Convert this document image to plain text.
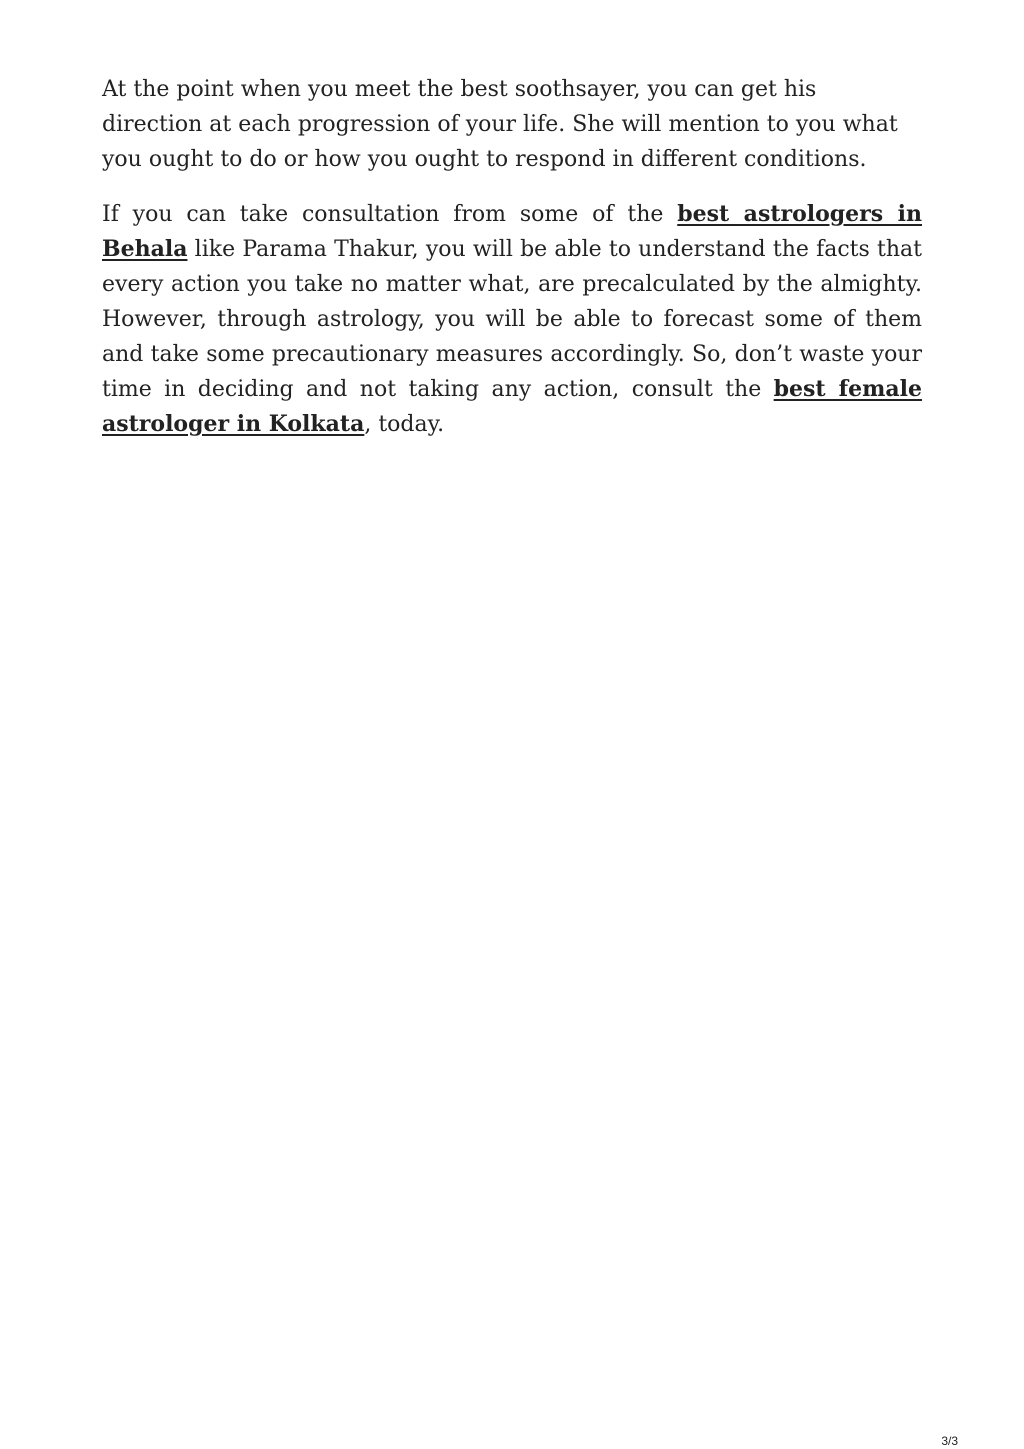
At the point when you meet the best soothsayer, you can get his direction at each progression of your life. She will mention to you what you ought to do or how you ought to respond in different conditions.

If you can take consultation from some of the best astrologers in Behala like Parama Thakur, you will be able to understand the facts that every action you take no matter what, are precalculated by the almighty. However, through astrology, you will be able to forecast some of them and take some precautionary measures accordingly. So, don’t waste your time in deciding and not taking any action, consult the best female astrologer in Kolkata, today.

3/3
